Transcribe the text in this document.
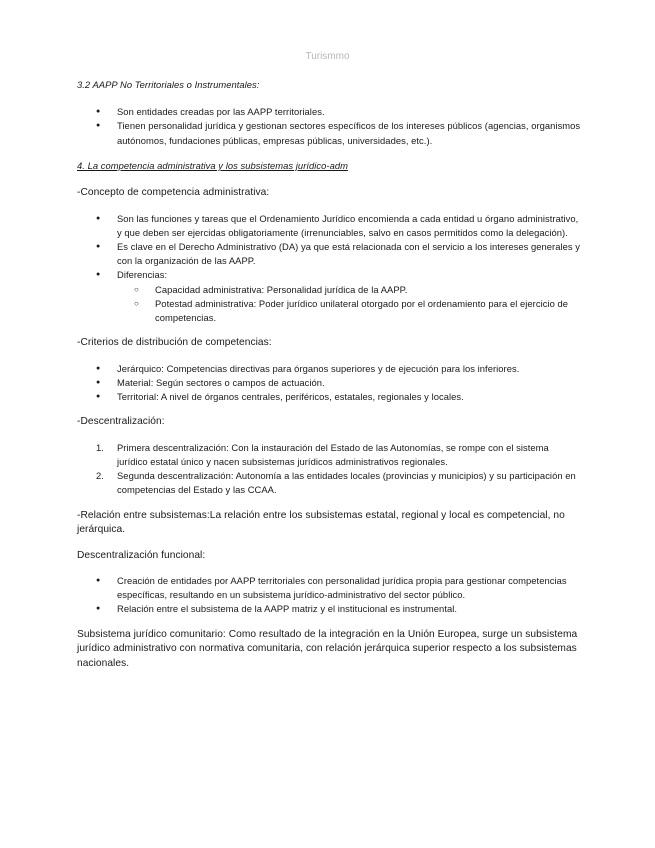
Turismmo

3.2 AAPP No Territoriales o Instrumentales:

● Son entidades creadas por las AAPP territoriales.
● Tienen personalidad jurídica y gestionan sectores específicos de los intereses públicos (agencias, organismos autónomos, fundaciones públicas, empresas públicas, universidades, etc.).

4. La competencia administrativa y los subsistemas jurídico-adm

-Concepto de competencia administrativa:

● Son las funciones y tareas que el Ordenamiento Jurídico encomienda a cada entidad u órgano administrativo, y que deben ser ejercidas obligatoriamente (irrenunciables, salvo en casos permitidos como la delegación).
● Es clave en el Derecho Administrativo (DA) ya que está relacionada con el servicio a los intereses generales y con la organización de las AAPP.
● Diferencias:
○ Capacidad administrativa: Personalidad jurídica de la AAPP.
○ Potestad administrativa: Poder jurídico unilateral otorgado por el ordenamiento para el ejercicio de competencias.

-Criterios de distribución de competencias:

● Jerárquico: Competencias directivas para órganos superiores y de ejecución para los inferiores.
● Material: Según sectores o campos de actuación.
● Territorial: A nivel de órganos centrales, periféricos, estatales, regionales y locales.

-Descentralización:

1. Primera descentralización: Con la instauración del Estado de las Autonomías, se rompe con el sistema jurídico estatal único y nacen subsistemas jurídicos administrativos regionales.
2. Segunda descentralización: Autonomía a las entidades locales (provincias y municipios) y su participación en competencias del Estado y las CCAA.

-Relación entre subsistemas:La relación entre los subsistemas estatal, regional y local es competencial, no jerárquica.

Descentralización funcional:

● Creación de entidades por AAPP territoriales con personalidad jurídica propia para gestionar competencias específicas, resultando en un subsistema jurídico-administrativo del sector público.
● Relación entre el subsistema de la AAPP matriz y el institucional es instrumental.

Subsistema jurídico comunitario: Como resultado de la integración en la Unión Europea, surge un subsistema jurídico administrativo con normativa comunitaria, con relación jerárquica superior respecto a los subsistemas nacionales.
